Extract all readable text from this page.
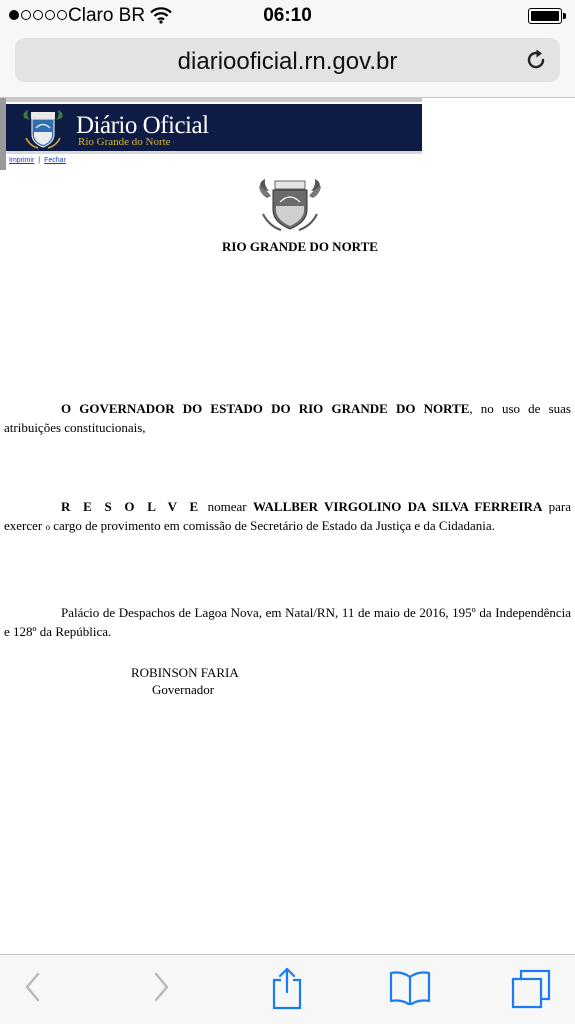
Claro BR	06:10
diariooficial.rn.gov.br
Diário Oficial
Rio Grande do Norte
Imprimir | Fechar
RIO GRANDE DO NORTE

O GOVERNADOR DO ESTADO DO RIO GRANDE DO NORTE, no uso de suas atribuições constitucionais,

R E S O L V E nomear WALLBER VIRGOLINO DA SILVA FERREIRA para exercer o cargo de provimento em comissão de Secretário de Estado da Justiça e da Cidadania.

Palácio de Despachos de Lagoa Nova, em Natal/RN, 11 de maio de 2016, 195º da Independência e 128º da República.

ROBINSON FARIA
Governador
